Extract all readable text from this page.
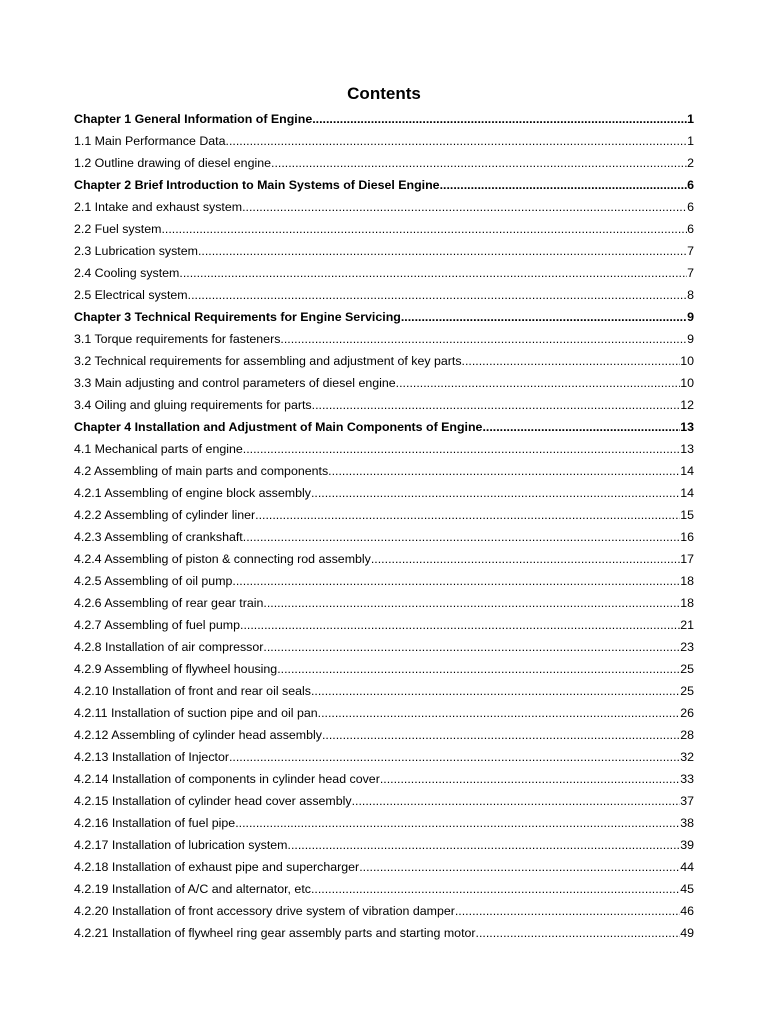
Contents
Chapter 1 General Information of Engine .....	1
1.1 Main Performance Data .....	1
1.2 Outline drawing of diesel engine .....	2
Chapter 2 Brief Introduction to Main Systems of Diesel Engine .....	6
2.1 Intake and exhaust system .....	6
2.2 Fuel system .....	6
2.3 Lubrication system .....	7
2.4 Cooling system .....	7
2.5 Electrical system .....	8
Chapter 3 Technical Requirements for Engine Servicing .....	9
3.1 Torque requirements for fasteners .....	9
3.2 Technical requirements for assembling and adjustment of key parts .....	10
3.3 Main adjusting and control parameters of diesel engine .....	10
3.4 Oiling and gluing requirements for parts .....	12
Chapter 4 Installation and Adjustment of Main Components of Engine .....	13
4.1 Mechanical parts of engine .....	13
4.2 Assembling of main parts and components .....	14
4.2.1 Assembling of engine block assembly .....	14
4.2.2 Assembling of cylinder liner .....	15
4.2.3 Assembling of crankshaft .....	16
4.2.4 Assembling of piston & connecting rod assembly .....	17
4.2.5 Assembling of oil pump .....	18
4.2.6 Assembling of rear gear train .....	18
4.2.7 Assembling of fuel pump .....	21
4.2.8 Installation of air compressor .....	23
4.2.9 Assembling of flywheel housing .....	25
4.2.10 Installation of front and rear oil seals .....	25
4.2.11 Installation of suction pipe and oil pan .....	26
4.2.12 Assembling of cylinder head assembly .....	28
4.2.13 Installation of Injector .....	32
4.2.14 Installation of components in cylinder head cover .....	33
4.2.15 Installation of cylinder head cover assembly .....	37
4.2.16 Installation of fuel pipe .....	38
4.2.17 Installation of lubrication system .....	39
4.2.18 Installation of exhaust pipe and supercharger .....	44
4.2.19 Installation of A/C and alternator, etc .....	45
4.2.20 Installation of front accessory drive system of vibration damper .....	46
4.2.21 Installation of flywheel ring gear assembly parts and starting motor .....	49
